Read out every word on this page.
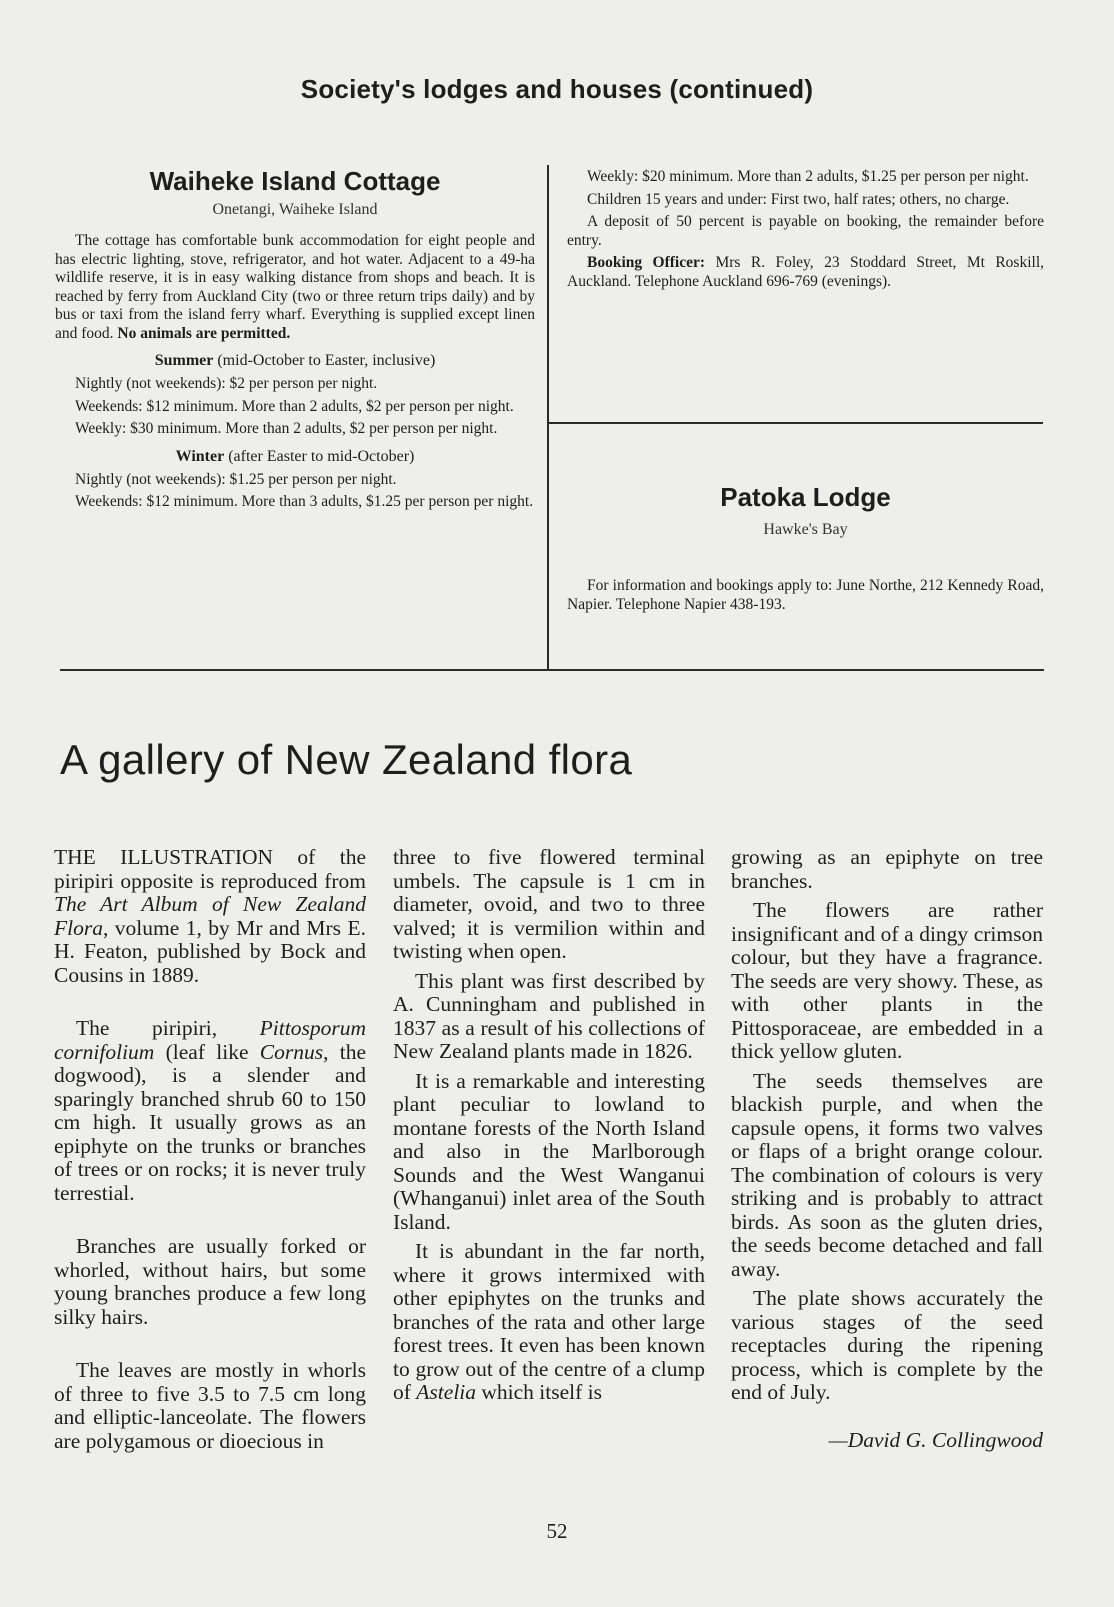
Society's lodges and houses (continued)
Waiheke Island Cottage
Onetangi, Waiheke Island

The cottage has comfortable bunk accommodation for eight people and has electric lighting, stove, refrigerator, and hot water. Adjacent to a 49-ha wildlife reserve, it is in easy walking distance from shops and beach. It is reached by ferry from Auckland City (two or three return trips daily) and by bus or taxi from the island ferry wharf. Everything is supplied except linen and food. No animals are permitted.

Summer (mid-October to Easter, inclusive)

Nightly (not weekends): $2 per person per night.

Weekends: $12 minimum. More than 2 adults, $2 per person per night.

Weekly: $30 minimum. More than 2 adults, $2 per person per night.

Winter (after Easter to mid-October)

Nightly (not weekends): $1.25 per person per night.

Weekends: $12 minimum. More than 3 adults, $1.25 per person per night.

Weekly: $20 minimum. More than 2 adults, $1.25 per person per night.

Children 15 years and under: First two, half rates; others, no charge.

A deposit of 50 percent is payable on booking, the remainder before entry.

Booking Officer: Mrs R. Foley, 23 Stoddard Street, Mt Roskill, Auckland. Telephone Auckland 696-769 (evenings).

Patoka Lodge
Hawke's Bay

For information and bookings apply to: June Northe, 212 Kennedy Road, Napier. Telephone Napier 438-193.

A gallery of New Zealand flora

THE ILLUSTRATION of the piripiri opposite is reproduced from The Art Album of New Zealand Flora, volume 1, by Mr and Mrs E. H. Featon, published by Bock and Cousins in 1889.

The piripiri, Pittosporum cornifolium (leaf like Cornus, the dogwood), is a slender and sparingly branched shrub 60 to 150 cm high. It usually grows as an epiphyte on the trunks or branches of trees or on rocks; it is never truly terrestial.

Branches are usually forked or whorled, without hairs, but some young branches produce a few long silky hairs.

The leaves are mostly in whorls of three to five 3.5 to 7.5 cm long and elliptic-lanceolate. The flowers are polygamous or dioecious in

three to five flowered terminal umbels. The capsule is 1 cm in diameter, ovoid, and two to three valved; it is vermilion within and twisting when open.

This plant was first described by A. Cunningham and published in 1837 as a result of his collections of New Zealand plants made in 1826.

It is a remarkable and interesting plant peculiar to lowland to montane forests of the North Island and also in the Marlborough Sounds and the West Wanganui (Whanganui) inlet area of the South Island.

It is abundant in the far north, where it grows intermixed with other epiphytes on the trunks and branches of the rata and other large forest trees. It even has been known to grow out of the centre of a clump of Astelia which itself is

growing as an epiphyte on tree branches.

The flowers are rather insignificant and of a dingy crimson colour, but they have a fragrance. The seeds are very showy. These, as with other plants in the Pittosporaceae, are embedded in a thick yellow gluten.

The seeds themselves are blackish purple, and when the capsule opens, it forms two valves or flaps of a bright orange colour. The combination of colours is very striking and is probably to attract birds. As soon as the gluten dries, the seeds become detached and fall away.

The plate shows accurately the various stages of the seed receptacles during the ripening process, which is complete by the end of July.

—David G. Collingwood

52
